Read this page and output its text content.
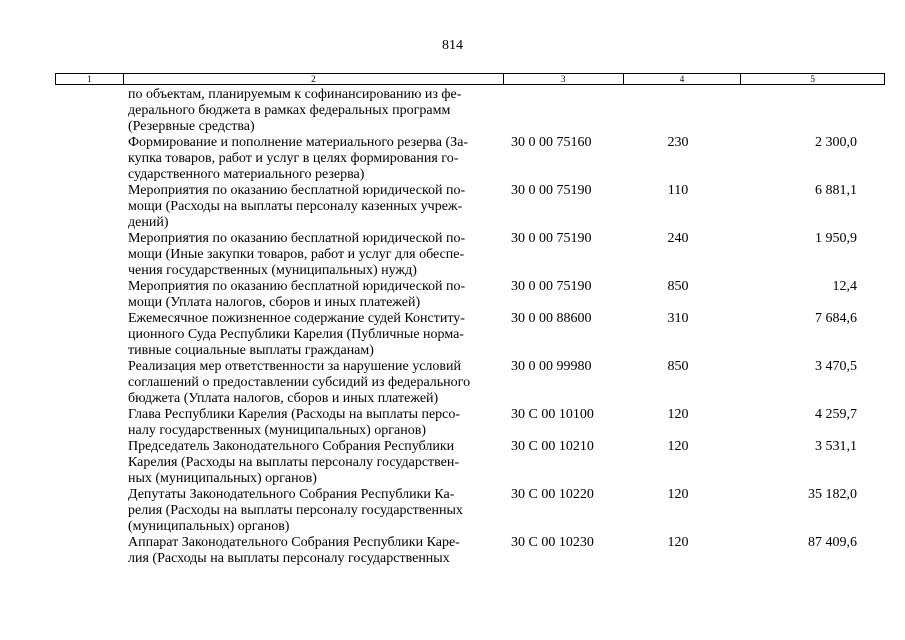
814
1	2	3	4	5
по объектам, планируемым к софинансированию из фе-
дерального бюджета в рамках федеральных программ
(Резервные средства)
Формирование и пополнение материального резерва (За-
купка товаров, работ и услуг в целях формирования го-
сударственного материального резерва)
30 0 00 75160	230	2 300,0
Мероприятия по оказанию бесплатной юридической по-
мощи (Расходы на выплаты персоналу казенных учреж-
дений)
30 0 00 75190	110	6 881,1
Мероприятия по оказанию бесплатной юридической по-
мощи (Иные закупки товаров, работ и услуг для обеспе-
чения государственных (муниципальных) нужд)
30 0 00 75190	240	1 950,9
Мероприятия по оказанию бесплатной юридической по-
мощи (Уплата налогов, сборов и иных платежей)
30 0 00 75190	850	12,4
Ежемесячное пожизненное содержание судей Конститу-
ционного Суда Республики Карелия (Публичные норма-
тивные социальные выплаты гражданам)
30 0 00 88600	310	7 684,6
Реализация мер ответственности за нарушение условий
соглашений о предоставлении субсидий из федерального
бюджета (Уплата налогов, сборов и иных платежей)
30 0 00 99980	850	3 470,5
Глава Республики Карелия (Расходы на выплаты персо-
налу государственных (муниципальных) органов)
30 С 00 10100	120	4 259,7
Председатель Законодательного Собрания Республики
Карелия (Расходы на выплаты персоналу государствен-
ных (муниципальных) органов)
30 С 00 10210	120	3 531,1
Депутаты Законодательного Собрания Республики Ка-
релия (Расходы на выплаты персоналу государственных
(муниципальных) органов)
30 С 00 10220	120	35 182,0
Аппарат Законодательного Собрания Республики Каре-
лия (Расходы на выплаты персоналу государственных
30 С 00 10230	120	87 409,6
